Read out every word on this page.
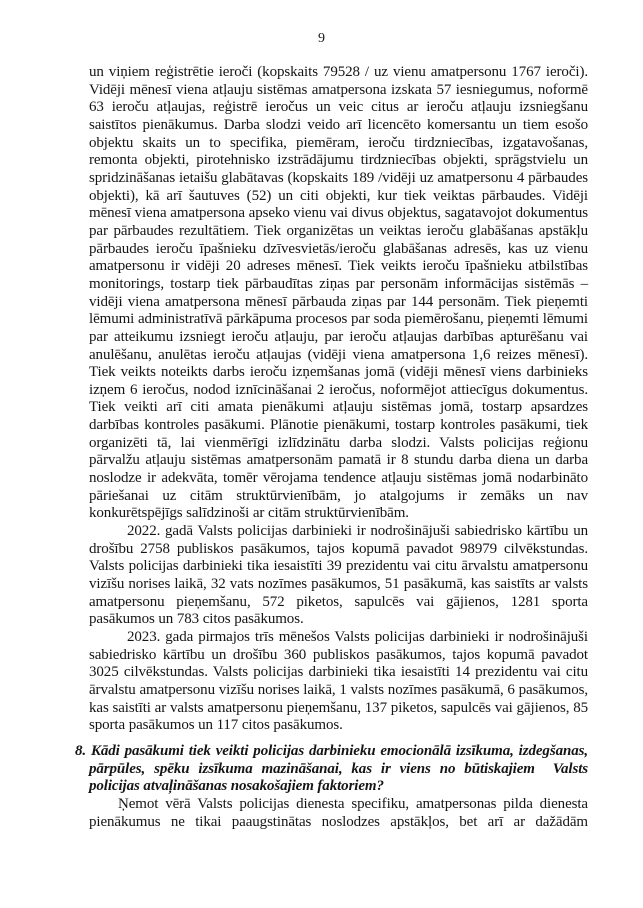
9

un viņiem reģistrētie ieroči (kopskaits 79528 / uz vienu amatpersonu 1767 ieroči). Vidēji mēnesī viena atļauju sistēmas amatpersona izskata 57 iesniegumus, noformē 63 ieroču atļaujas, reģistrē ieročus un veic citus ar ieroču atļauju izsniegšanu saistītos pienākumus. Darba slodzi veido arī licencēto komersantu un tiem esošo objektu skaits un to specifika, piemēram, ieroču tirdzniecības, izgatavošanas, remonta objekti, pirotehnisko izstrādājumu tirdzniecības objekti, sprāgstvielu un spridzināšanas ietaišu glabātavas (kopskaits 189 /vidēji uz amatpersonu 4 pārbaudes objekti), kā arī šautuves (52) un citi objekti, kur tiek veiktas pārbaudes. Vidēji mēnesī viena amatpersona apseko vienu vai divus objektus, sagatavojot dokumentus par pārbaudes rezultātiem. Tiek organizētas un veiktas ieroču glabāšanas apstākļu pārbaudes ieroču īpašnieku dzīvesvietās/ieroču glabāšanas adresēs, kas uz vienu amatpersonu ir vidēji 20 adreses mēnesī. Tiek veikts ieroču īpašnieku atbilstības monitorings, tostarp tiek pārbaudītas ziņas par personām informācijas sistēmās – vidēji viena amatpersona mēnesī pārbauda ziņas par 144 personām. Tiek pieņemti lēmumi administratīvā pārkāpuma procesos par soda piemērošanu, pieņemti lēmumi par atteikumu izsniegt ieroču atļauju, par ieroču atļaujas darbības apturēšanu vai anulēšanu, anulētas ieroču atļaujas (vidēji viena amatpersona 1,6 reizes mēnesī). Tiek veikts noteikts darbs ieroču izņemšanas jomā (vidēji mēnesī viens darbinieks izņem 6 ieročus, nodod iznīcināšanai 2 ieročus, noformējot attiecīgus dokumentus. Tiek veikti arī citi amata pienākumi atļauju sistēmas jomā, tostarp apsardzes darbības kontroles pasākumi. Plānotie pienākumi, tostarp kontroles pasākumi, tiek organizēti tā, lai vienmērīgi izlīdzinātu darba slodzi. Valsts policijas reģionu pārvalžu atļauju sistēmas amatpersonām pamatā ir 8 stundu darba diena un darba noslodze ir adekvāta, tomēr vērojama tendence atļauju sistēmas jomā nodarbināto pāriešanai uz citām struktūrvienībām, jo atalgojums ir zemāks un nav konkurētspējīgs salīdzinoši ar citām struktūrvienībām.

2022. gadā Valsts policijas darbinieki ir nodrošinājuši sabiedrisko kārtību un drošību 2758 publiskos pasākumos, tajos kopumā pavadot 98979 cilvēkstundas. Valsts policijas darbinieki tika iesaistīti 39 prezidentu vai citu ārvalstu amatpersonu vizīšu norises laikā, 32 vats nozīmes pasākumos, 51 pasākumā, kas saistīts ar valsts amatpersonu pieņemšanu, 572 piketos, sapulcēs vai gājienos, 1281 sporta pasākumos un 783 citos pasākumos.

2023. gada pirmajos trīs mēnešos Valsts policijas darbinieki ir nodrošinājuši sabiedrisko kārtību un drošību 360 publiskos pasākumos, tajos kopumā pavadot 3025 cilvēkstundas. Valsts policijas darbinieki tika iesaistīti 14 prezidentu vai citu ārvalstu amatpersonu vizīšu norises laikā, 1 valsts nozīmes pasākumā, 6 pasākumos, kas saistīti ar valsts amatpersonu pieņemšanu, 137 piketos, sapulcēs vai gājienos, 85 sporta pasākumos un 117 citos pasākumos.

8. Kādi pasākumi tiek veikti policijas darbinieku emocionālā izsīkuma, izdegšanas, pārpūles, spēku izsīkuma mazināšanai, kas ir viens no būtiskajiem  Valsts policijas atvaļināšanas nosakošajiem faktoriem?

Ņemot vērā Valsts policijas dienesta specifiku, amatpersonas pilda dienesta pienākumus ne tikai paaugstinātas noslodzes apstākļos, bet arī ar dažādām
